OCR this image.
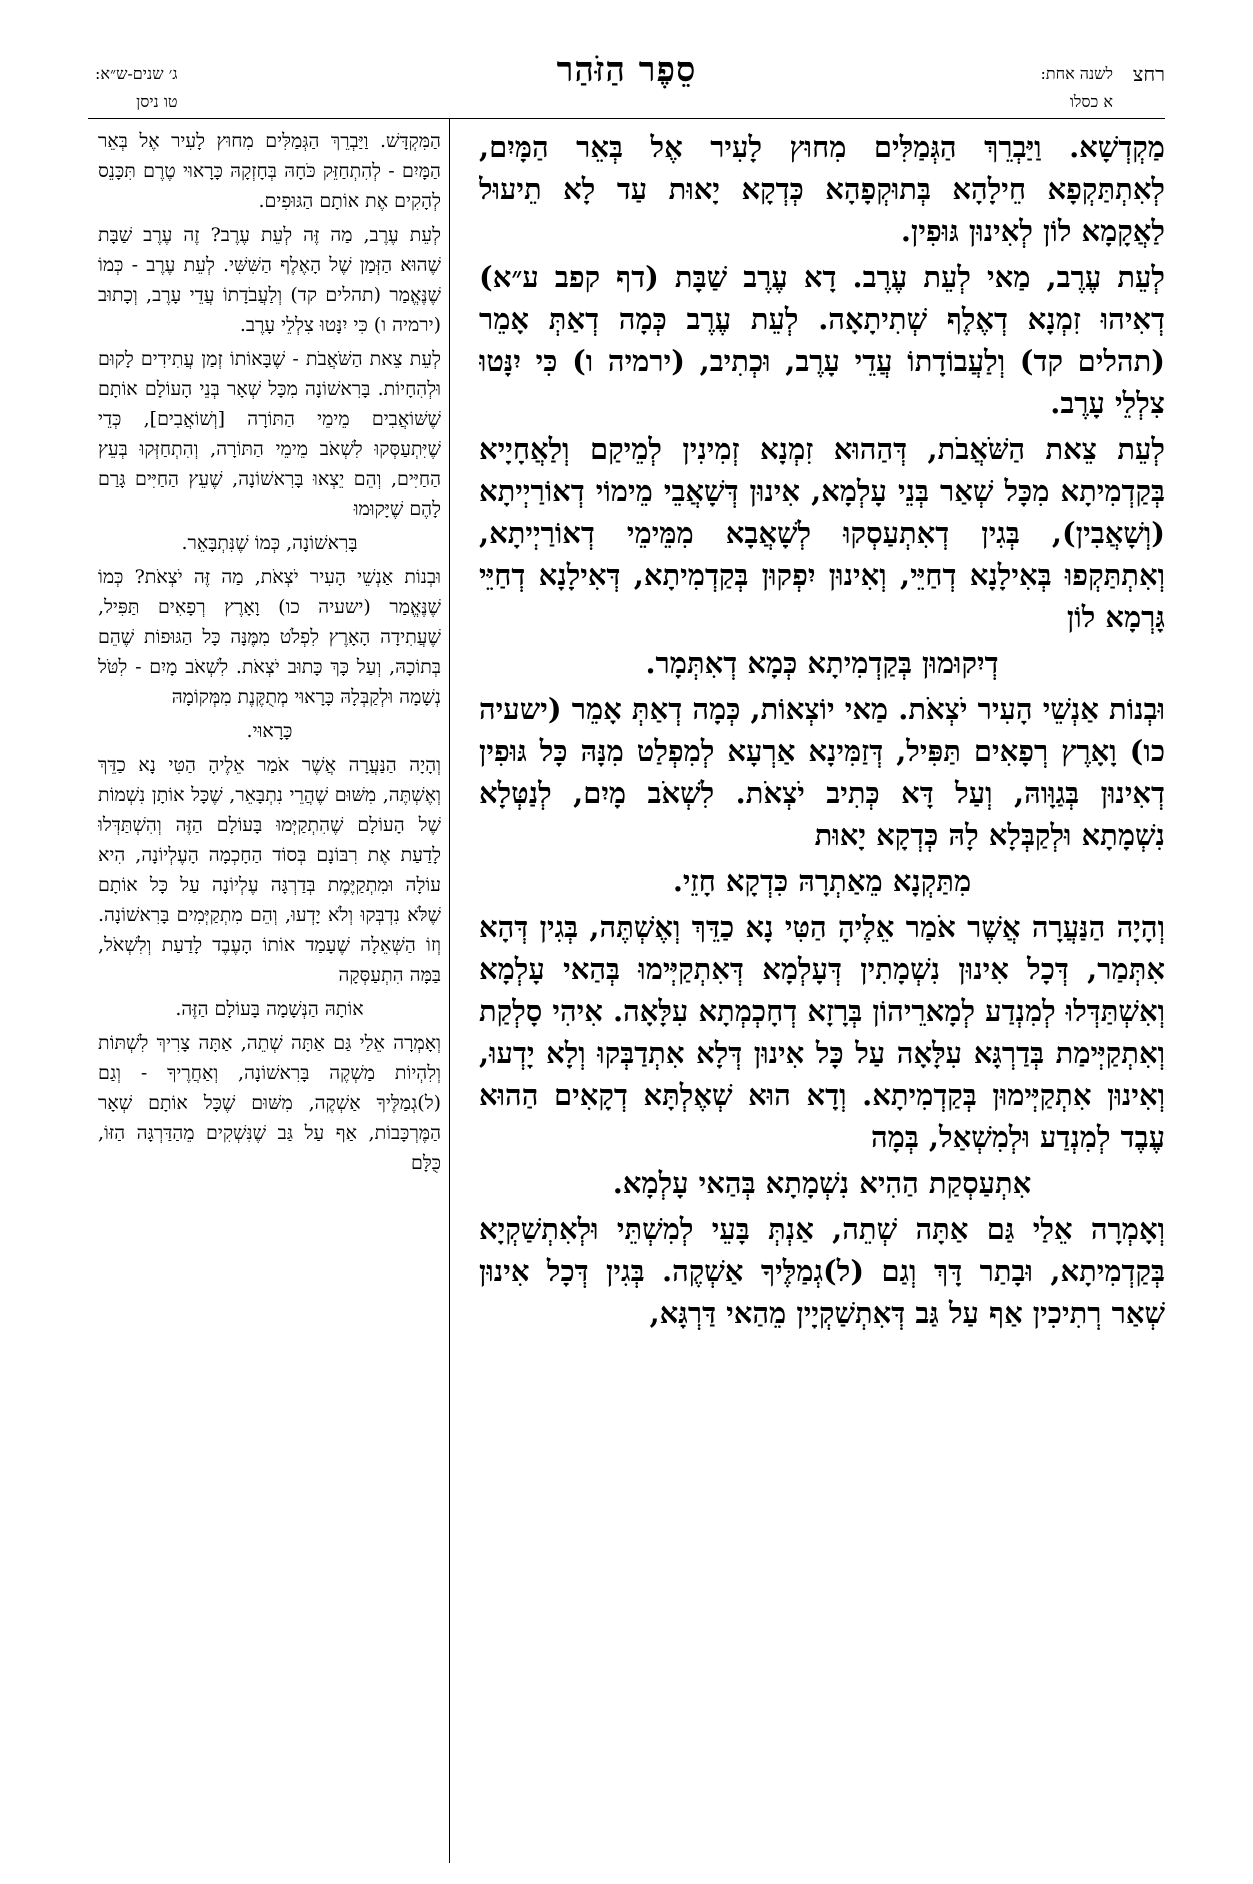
רחצ
לשנה אחת:
א כסלו
סֵפֶר הַזֹּהַר
ג׳ שנים-ש״א:
טו ניסן

מַקְדְשָׁא. וַיַּבְרֵךְ הַגְּמַלִּים מִחוּץ לָעִיר אֶל בְּאֵר הַמָּיִם, לְאִתְתַּקְפָא חֵילָהָא בְּתוּקְפָהָא כְּדְקָא יָאוּת עַד לָא תֵיעוּל לַאֲקָמָא לוֹן לְאִינוּן גּוּפִין.

לְעֵת עֶרֶב, מַאי לְעֵת עֶרֶב. דָא עֶרֶב שַׁבָּת (דף קפב ע״א) דְאִיהוּ זִמְנָא דְאֶלֶף שְׁתִיתָאָה. לְעֵת עֶרֶב כְּמָה דְאַתְּ אָמֵר (תהלים קד) וְלַעֲבוֹדָתוֹ עֲדֵי עָרֶב, וּכְתִיב, (ירמיה ו) כִּי יִנָּטוּ צִלְלֵי עָרֶב.

לְעֵת צֵאת הַשֹּׁאֲבֹת, דְּהַהוּא זִמְנָא זְמִינִין לְמֵיקַם וְלַאֲחָיָיא בְּקַדְמִיתָא מִכָּל שְׁאַר בְּנֵי עָלְמָא, אִינוּן דְּשָׁאֲבֵי מֵימוֹי דְאוֹרַיְיתָא (וְשָׁאֲבִין), בְּגִין דְאִתְעַסְקוּ לְשָׁאֲבָא מִמֵּימֵי דְאוֹרַיְיתָא, וְאִתְתַּקְפוּ בְּאִילָנָא דְחַיֵּי, וְאִינוּן יִפְקוּן בְּקַדְמִיתָא, דְּאִילָנָא דְחַיֵּי גָּרְמָא לוֹן

דְיִקוּמוּן בְּקַדְמִיתָא כְּמָא דְאִתְּמָר.

וּבְנוֹת אַנְשֵׁי הָעִיר יֹצְאֹת. מַאי יוֹצְאוֹת, כְּמָה דְאַתְּ אָמֵר (ישעיה כו) וָאָרֶץ רְפָאִים תַּפִּיל, דְּזַמִּינָא אַרְעָא לְמִפְלַט מִנָּהּ כָּל גּוּפִין דְאִינוּן בְּגַוָּוהּ, וְעַל דָּא כְּתִיב יֹצְאֹת. לִשְׁאֹב מָיִם, לְנַטְּלָא נִשְׁמָתָא וּלְקַבְּלָא לָהּ כְּדְקָא יָאוּת

מִתַּקְנָא מֵאַתְרָהּ כִּדְקָא חָזֵי.

וְהָיָה הַנַּעֲרָה אֲשֶׁר אֹמַר אֵלֶיהָ הַטִּי נָא כַדֵּךְ וְאֶשְׁתֶּה, בְּגִין דְּהָא אִתְּמַר, דְּכָל אִינוּן נִשְׁמָתִין דְּעָלְמָא דְּאִתְקַיְּימוּ בְּהַאי עָלְמָא וְאִשְׁתַּדְּלוּ לְמִנְדַע לְמָארֵיהוֹן בְּרָזָא דְחָכְמְתָא עִלָּאָה. אִיהִי סָלְקַת וְאִתְקַיְּימַת בְּדַרְגָּא עִלָּאָה עַל כָּל אִינוּן דְּלָא אִתְדַבְּקוּ וְלָא יָדְעוּ, וְאִינוּן אִתְקַיְּימוּן בְּקַדְמִיתָא. וְדָא הוּא שְׁאֶלְתָּא דְקָאִים הַהוּא עֶבֶד לְמִנְדַע וּלְמִשְׁאַל, בְּמָה

אִתְעַסְקַת הַהִיא נִשְׁמָתָא בְּהַאי עָלְמָא.

וְאָמְרָה אֵלַי גַּם אַתָּה שְׁתֵה, אַנְתְּ בָּעֵי לְמִשְׁתֵּי וּלְאִתְשַׁקְיָא בְּקַדְמִיתָא, וּבָתַר דָּךְ וְגַם (ל)גְמַלֶּיךָ אַשְׁקֶה. בְּגִין דְּכָל אִינוּן שְׁאַר רְתִיכִין אַף עַל גַּב דְּאִתְשַׁקְיָין מֵהַאי דַּרְגָּא,

הַמִּקְדָּשׁ. וַיַּבְרֵךְ הַגְּמַלִּים מִחוּץ לָעִיר אֶל בְּאֵר הַמָּיִם - לְהִתְחַזֵּק כֹּחָהּ בְּחָזְקָהּ כָּרָאוּי טֶרֶם תִּכָּנֵס לְהָקִים אֶת אוֹתָם הַגּוּפִים.

לְעֵת עֶרֶב, מַה זֶּה לְעֵת עֶרֶב? זֶה עֶרֶב שַׁבָּת שֶׁהוּא הַזְּמַן שֶׁל הָאֶלֶף הַשִּׁשִּׁי. לְעֵת עֶרֶב - כְּמוֹ שֶׁנֶּאֱמַר (תהלים קד) וְלַעֲבֹדָתוֹ עֲדֵי עָרֶב, וְכָתוּב (ירמיה ו) כִּי יִנָּטוּ צִלְלֵי עָרֶב.

לְעֵת צֵאת הַשֹּׁאֲבֹת - שֶׁבָּאוֹתוֹ זְמַן עֲתִידִים לָקוּם וּלְהִחָיוֹת. בָּרִאשׁוֹנָה מִכָּל שְׁאָר בְּנֵי הָעוֹלָם אוֹתָם שֶׁשּׁוֹאֲבִים מֵימֵי הַתּוֹרָה [וְשׁוֹאֲבִים], כְּדֵי שֶׁיִּתְעַסְּקוּ לִשְׁאֹב מֵימֵי הַתּוֹרָה, וְהִתְחַזְּקוּ בְּעֵץ הַחַיִּים, וְהֵם יֵצְאוּ בָּרִאשׁוֹנָה, שֶׁעֵץ הַחַיִּים גָּרַם לָהֶם שֶׁיָּקוּמוּ

בָּרִאשׁוֹנָה, כְּמוֹ שֶׁנִּתְבָּאֵר.

וּבְנוֹת אַנְשֵׁי הָעִיר יֹצְאֹת, מַה זֶּה יֹצְאֹת? כְּמוֹ שֶׁנֶּאֱמַר (ישעיה כו) וָאָרֶץ רְפָאִים תַּפִּיל, שֶׁעֲתִידָה הָאָרֶץ לִפְלֹט מִמֶּנָּה כָּל הַגּוּפוֹת שֶׁהֵם בְּתוֹכָהּ, וְעַל כָּךְ כָּתוּב יֹצְאֹת. לִשְׁאֹב מָיִם - לִטֹּל נְשָׁמָה וּלְקַבְּלָהּ כָּרָאוּי מְתֻקֶּנֶת מִמְּקוֹמָהּ

כָּרָאוּי.

וְהָיָה הַנַּעֲרָה אֲשֶׁר אֹמַר אֵלֶיהָ הַטִּי נָא כַדֵּךְ וְאֶשְׁתֶּה, מִשּׁוּם שֶׁהֲרֵי נִתְבָּאֵר, שֶׁכָּל אוֹתָן נִשְׁמוֹת שֶׁל הָעוֹלָם שֶׁהִתְקַיְּמוּ בָּעוֹלָם הַזֶּה וְהִשְׁתַּדְּלוּ לָדַעַת אֶת רִבּוֹנָם בְּסוֹד הַחָכְמָה הָעֶלְיוֹנָה, הִיא עוֹלָה וּמִתְקַיֶּמֶת בְּדַרְגָּה עֶלְיוֹנָה עַל כָּל אוֹתָם שֶׁלֹּא נִדְבְּקוּ וְלֹא יָדְעוּ, וְהֵם מִתְקַיְּמִים בָּרִאשׁוֹנָה. וְזוֹ הַשְּׁאֵלָה שֶׁעָמַד אוֹתוֹ הָעֶבֶד לָדַעַת וְלִשְׁאֹל, בַּמָּה הִתְעַסְּקָה

אוֹתָהּ הַנְּשָׁמָה בָּעוֹלָם הַזֶּה.

וְאָמְרָה אֵלַי גַּם אַתָּה שְׁתֵה, אַתָּה צָרִיךְ לִשְׁתּוֹת וְלִהְיוֹת מַשְׁקֶה בָּרִאשׁוֹנָה, וְאַחֲרֶיךָ - וְגַם (ל)גְמַלֶּיךָ אַשְׁקֶה, מִשּׁוּם שֶׁכָּל אוֹתָם שְׁאָר הַמֶּרְכָּבוֹת, אַף עַל גַּב שֶׁנִּשְׁקִים מֵהַדַּרְגָּה הַזּוֹ, כֻּלָּם
